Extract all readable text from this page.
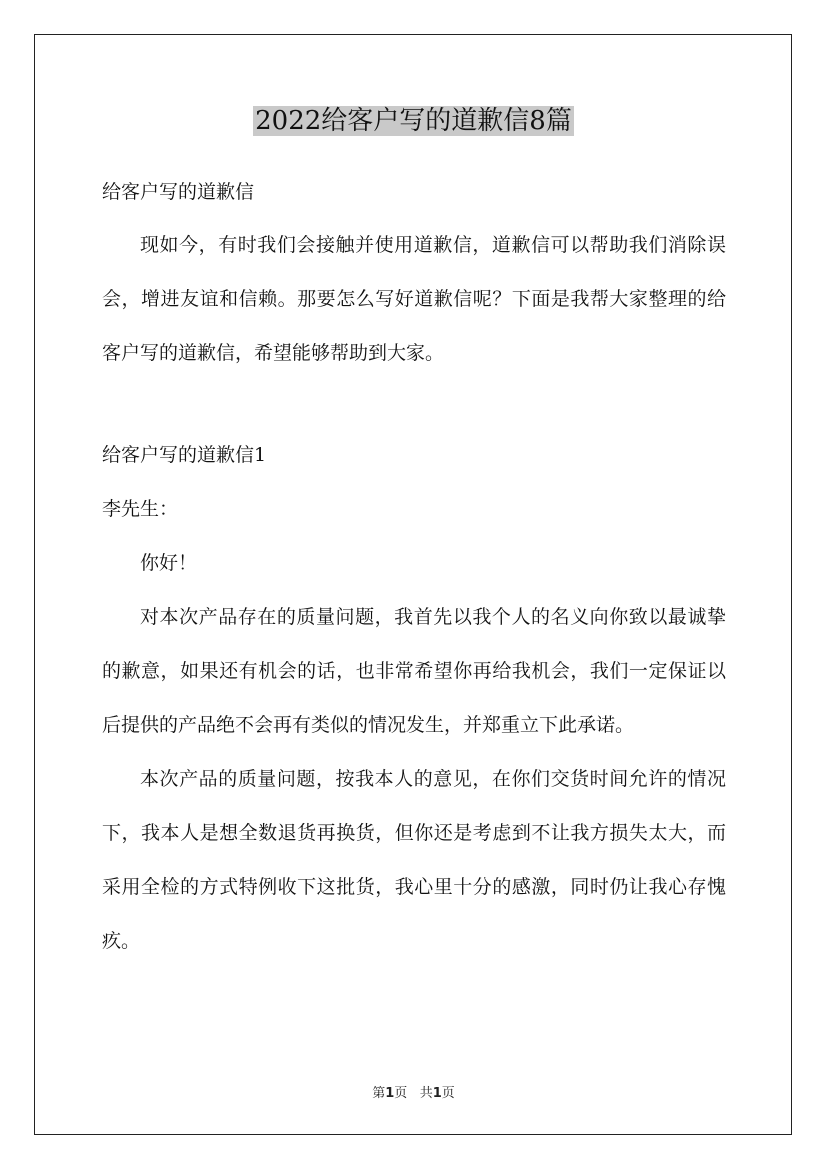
2022给客户写的道歉信8篇

给客户写的道歉信

现如今，有时我们会接触并使用道歉信，道歉信可以帮助我们消除误会，增进友谊和信赖。那要怎么写好道歉信呢？下面是我帮大家整理的给客户写的道歉信，希望能够帮助到大家。

给客户写的道歉信1

李先生：

你好！

对本次产品存在的质量问题，我首先以我个人的名义向你致以最诚挚的歉意，如果还有机会的话，也非常希望你再给我机会，我们一定保证以后提供的产品绝不会再有类似的情况发生，并郑重立下此承诺。

本次产品的质量问题，按我本人的意见，在你们交货时间允许的情况下，我本人是想全数退货再换货，但你还是考虑到不让我方损失太大，而采用全检的方式特例收下这批货，我心里十分的感激，同时仍让我心存愧疚。

第1页 共1页
